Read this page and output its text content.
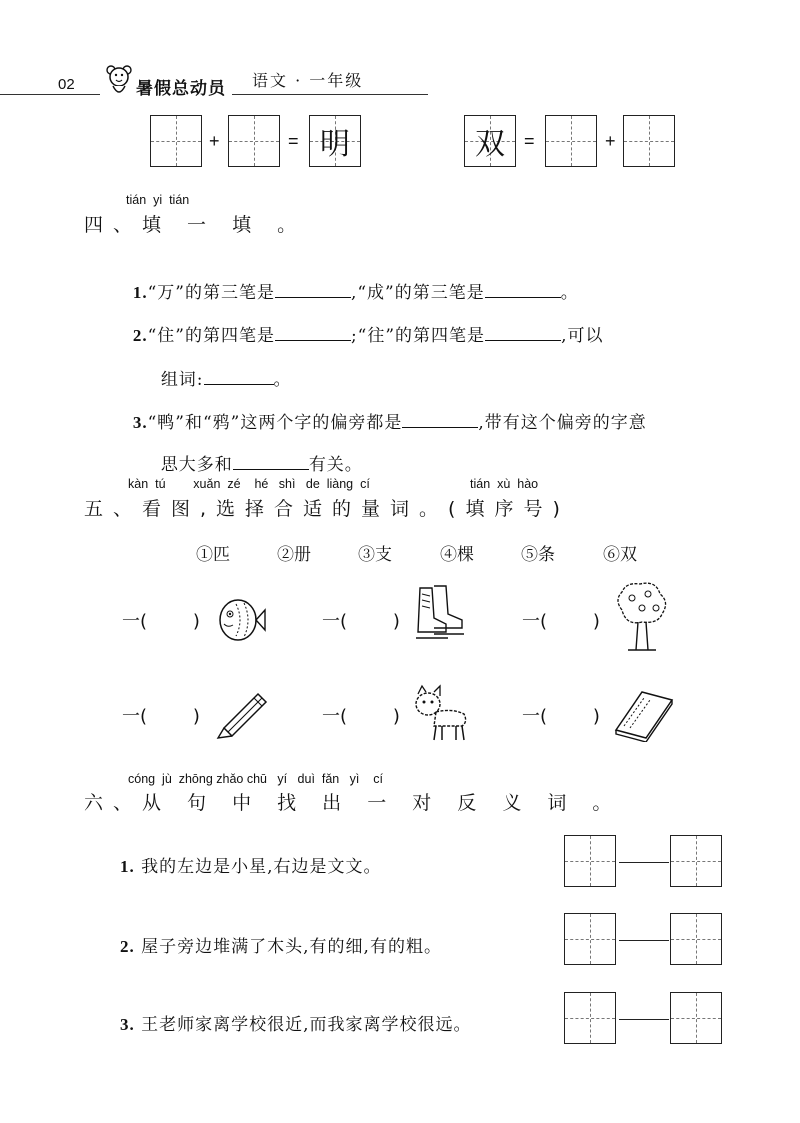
02	暑假总动员 语文 · 一年级
+	= 明	双	=	+
tián  yi  tián
四、填 一 填 。

1.“万”的第三笔是	,“成”的第三笔是	。

2.“住”的第四笔是	;“往”的第四笔是	,可以

组词:	。

3.“鸭”和“鸦”这两个字的偏旁都是	,带有这个偏旁的字意

思大多和	有关。

kàn  tú        xuǎn  zé    hé   shì   de  liàng  cí	tián  xù  hào
五、看图,选择合适的量词。(填序号)
①匹	②册	③支	④棵	⑤条	⑥双
一(	)	一(	)	一(	)
一(	)	一(	)	一(	)
cóng  jù  zhōng zhǎo chū   yí   duì  fǎn   yì    cí
六、从 句 中 找 出 一 对 反 义 词 。
1. 我的左边是小星,右边是文文。
2. 屋子旁边堆满了木头,有的细,有的粗。
3. 王老师家离学校很近,而我家离学校很远。
